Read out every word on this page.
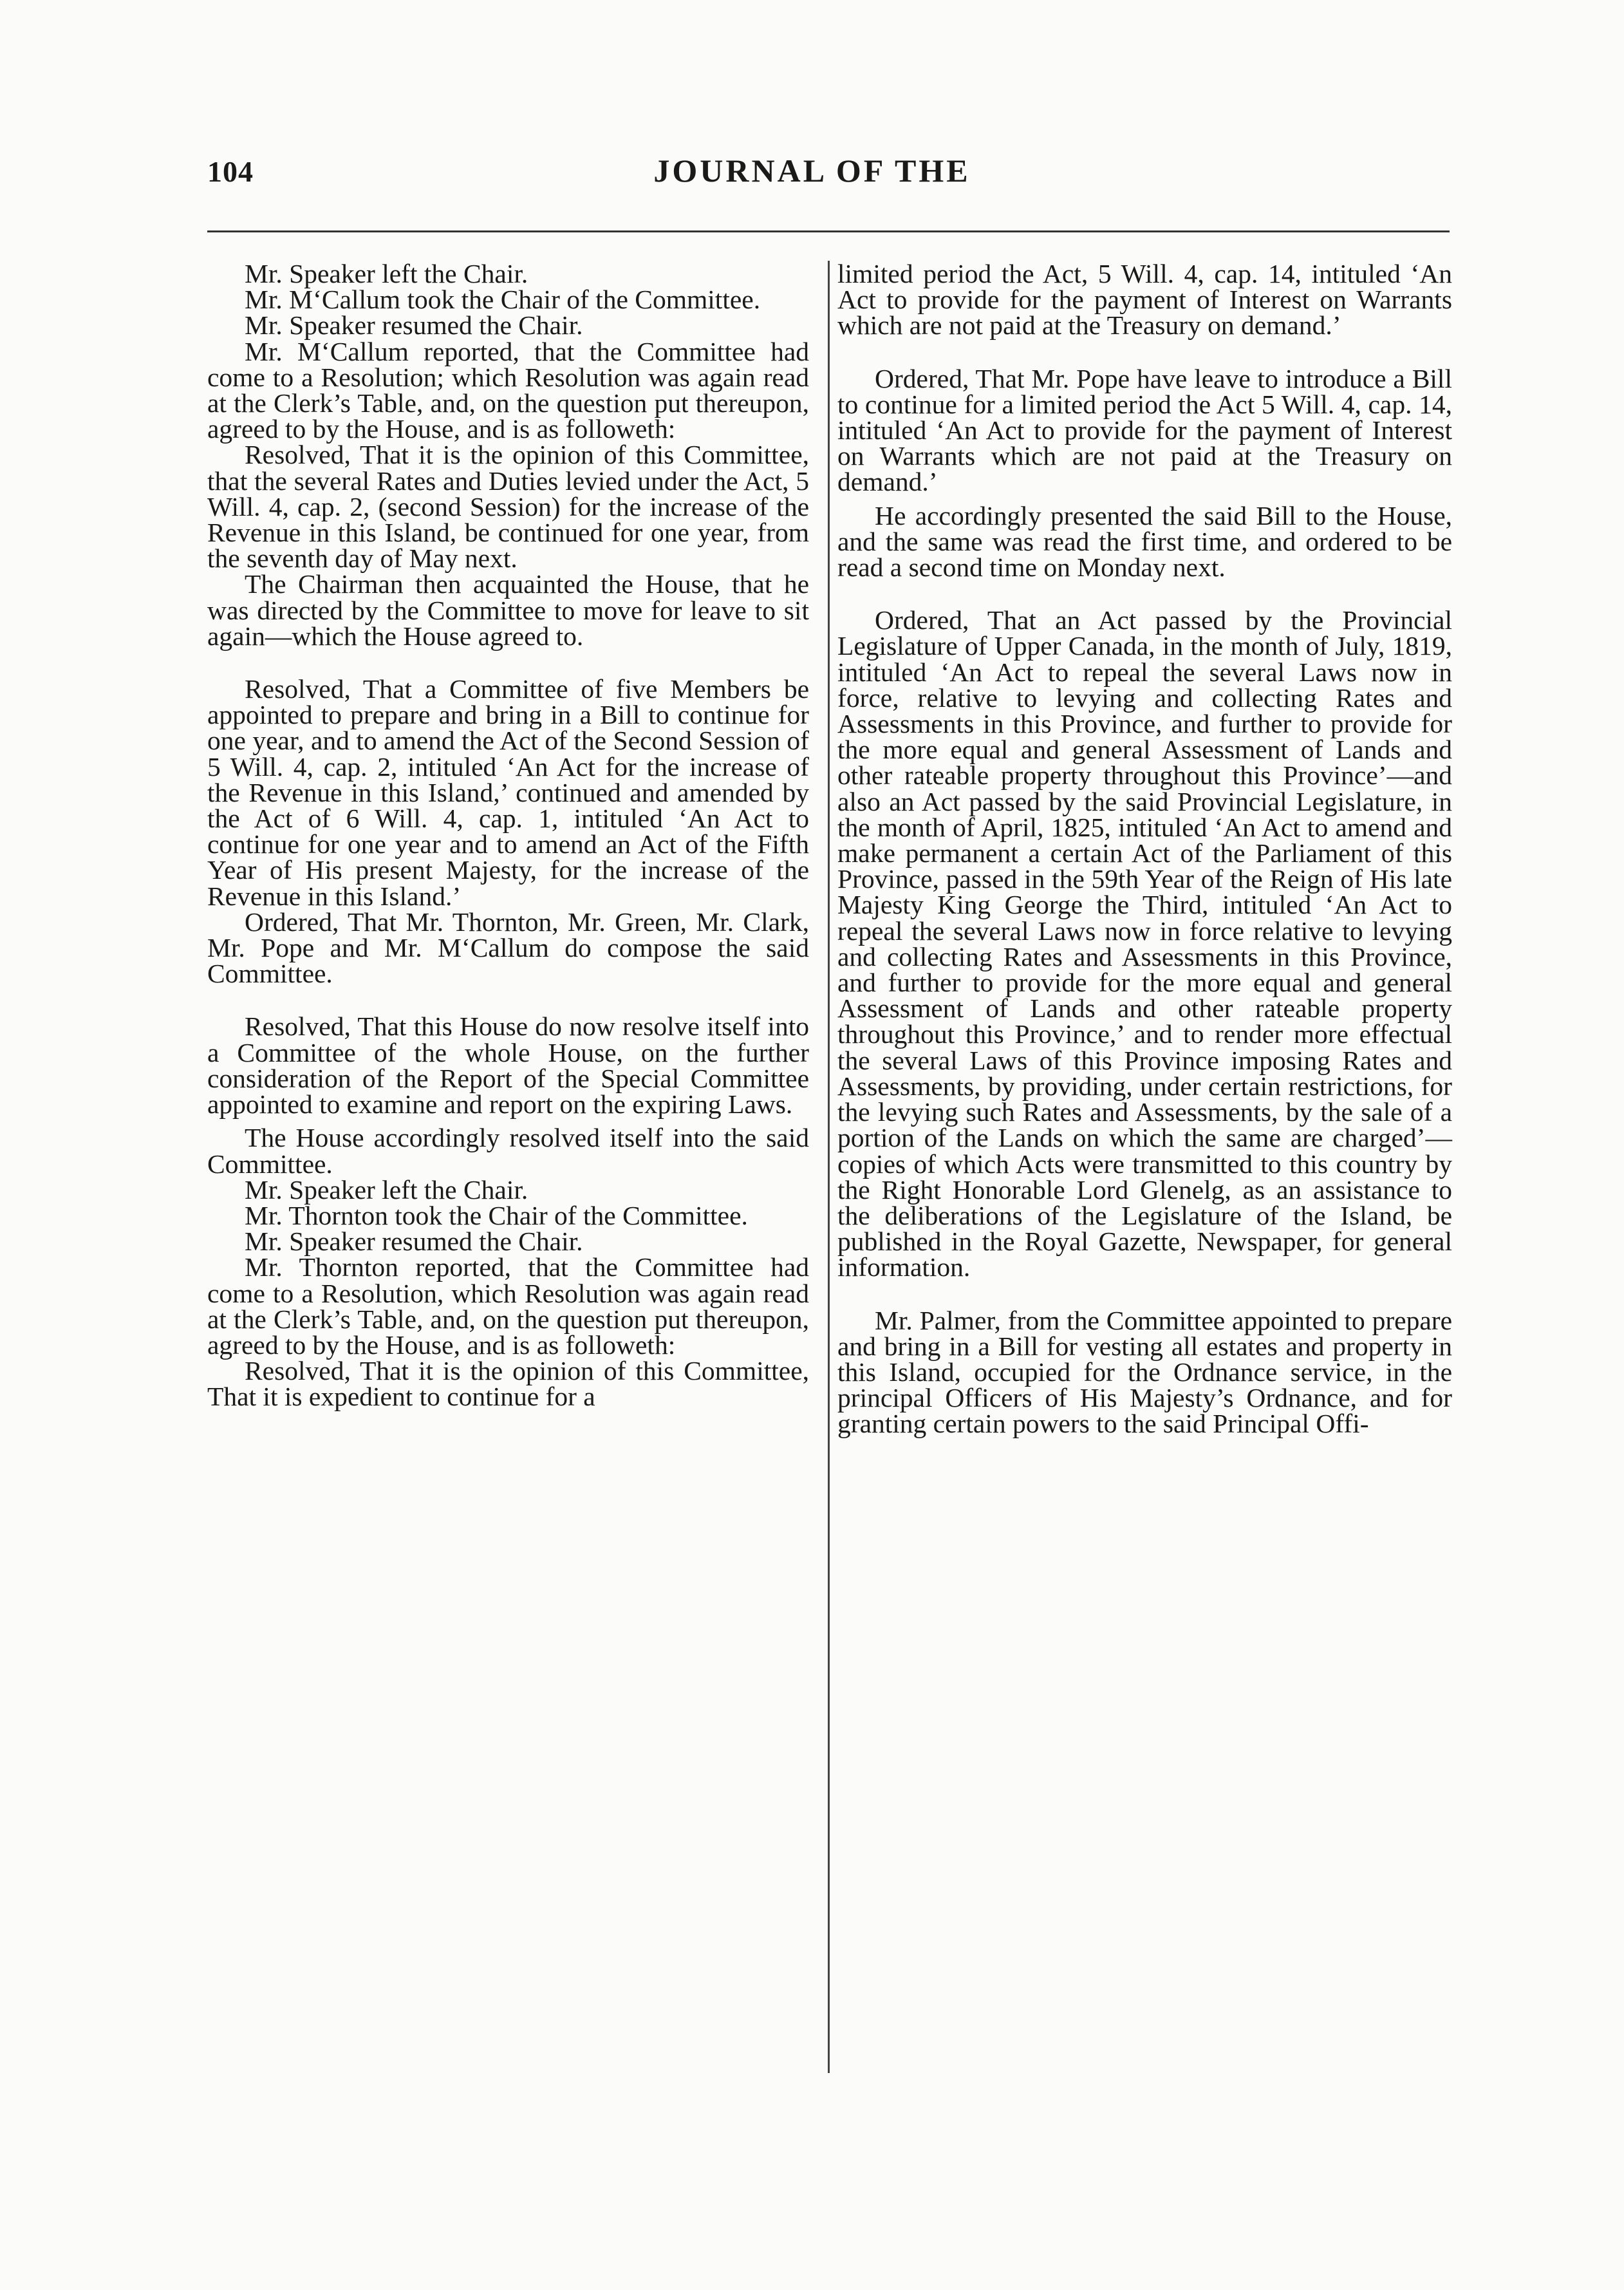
104	JOURNAL OF THE

Mr. Speaker left the Chair.

Mr. M‘Callum took the Chair of the Committee.

Mr. Speaker resumed the Chair.

Mr. M‘Callum reported, that the Committee had come to a Resolution; which Resolution was again read at the Clerk’s Table, and, on the question put thereupon, agreed to by the House, and is as followeth:

Resolved, That it is the opinion of this Committee, that the several Rates and Duties levied under the Act, 5 Will. 4, cap. 2, (second Session) for the increase of the Revenue in this Island, be continued for one year, from the seventh day of May next.

The Chairman then acquainted the House, that he was directed by the Committee to move for leave to sit again—which the House agreed to.

Resolved, That a Committee of five Members be appointed to prepare and bring in a Bill to continue for one year, and to amend the Act of the Second Session of 5 Will. 4, cap. 2, intituled ‘An Act for the increase of the Revenue in this Island,’ continued and amended by the Act of 6 Will. 4, cap. 1, intituled ‘An Act to continue for one year and to amend an Act of the Fifth Year of His present Majesty, for the increase of the Revenue in this Island.’

Ordered, That Mr. Thornton, Mr. Green, Mr. Clark, Mr. Pope and Mr. M‘Callum do compose the said Committee.

Resolved, That this House do now resolve itself into a Committee of the whole House, on the further consideration of the Report of the Special Committee appointed to examine and report on the expiring Laws.

The House accordingly resolved itself into the said Committee.

Mr. Speaker left the Chair.

Mr. Thornton took the Chair of the Committee.

Mr. Speaker resumed the Chair.

Mr. Thornton reported, that the Committee had come to a Resolution, which Resolution was again read at the Clerk’s Table, and, on the question put thereupon, agreed to by the House, and is as followeth:

Resolved, That it is the opinion of this Committee, That it is expedient to continue for a

limited period the Act, 5 Will. 4, cap. 14, intituled ‘An Act to provide for the payment of Interest on Warrants which are not paid at the Treasury on demand.’

Ordered, That Mr. Pope have leave to introduce a Bill to continue for a limited period the Act 5 Will. 4, cap. 14, intituled ‘An Act to provide for the payment of Interest on Warrants which are not paid at the Treasury on demand.’

He accordingly presented the said Bill to the House, and the same was read the first time, and ordered to be read a second time on Monday next.

Ordered, That an Act passed by the Provincial Legislature of Upper Canada, in the month of July, 1819, intituled ‘An Act to repeal the several Laws now in force, relative to levying and collecting Rates and Assessments in this Province, and further to provide for the more equal and general Assessment of Lands and other rateable property throughout this Province’—and also an Act passed by the said Provincial Legislature, in the month of April, 1825, intituled ‘An Act to amend and make permanent a certain Act of the Parliament of this Province, passed in the 59th Year of the Reign of His late Majesty King George the Third, intituled ‘An Act to repeal the several Laws now in force relative to levying and collecting Rates and Assessments in this Province, and further to provide for the more equal and general Assessment of Lands and other rateable property throughout this Province,’ and to render more effectual the several Laws of this Province imposing Rates and Assessments, by providing, under certain restrictions, for the levying such Rates and Assessments, by the sale of a portion of the Lands on which the same are charged’—copies of which Acts were transmitted to this country by the Right Honorable Lord Glenelg, as an assistance to the deliberations of the Legislature of the Island, be published in the Royal Gazette, Newspaper, for general information.

Mr. Palmer, from the Committee appointed to prepare and bring in a Bill for vesting all estates and property in this Island, occupied for the Ordnance service, in the principal Officers of His Majesty’s Ordnance, and for granting certain powers to the said Principal Offi-
